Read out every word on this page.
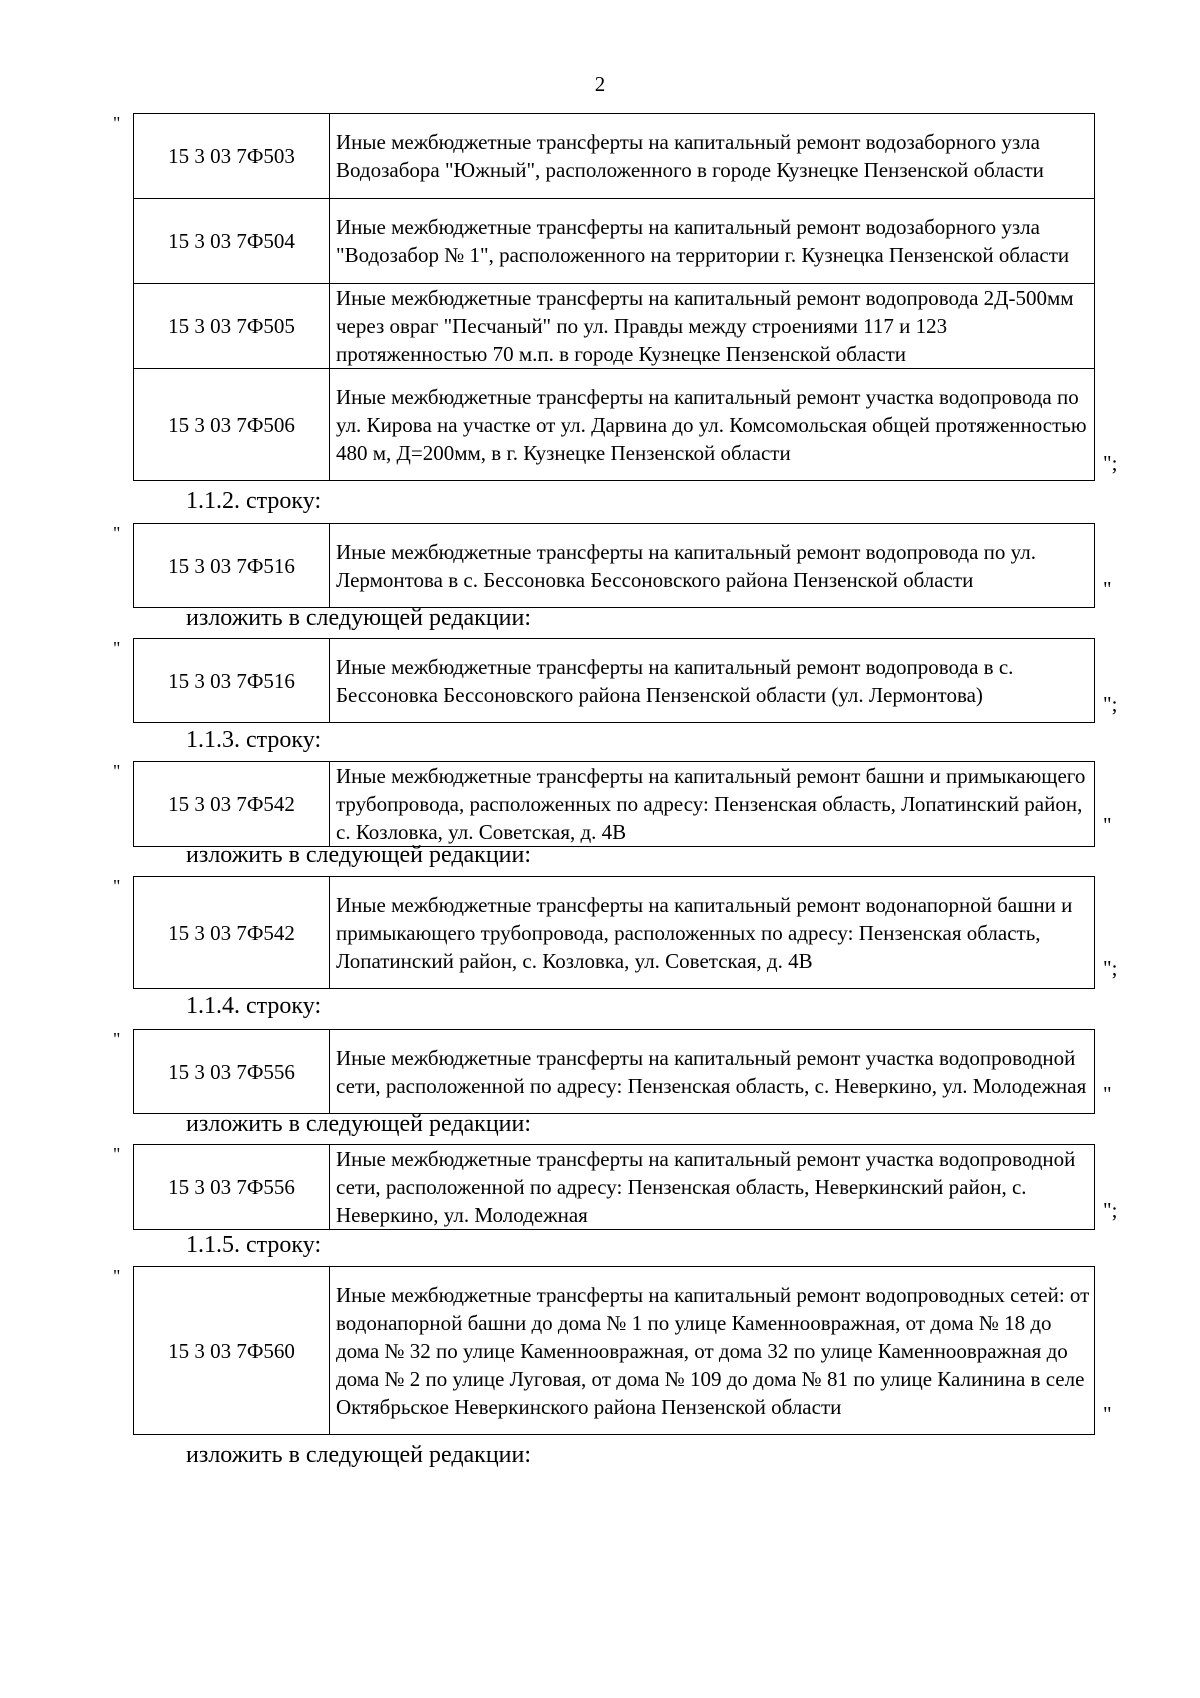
2
"
15 3 03 7Ф503	Иные межбюджетные трансферты на капитальный ремонт водозаборного узла Водозабора "Южный", расположенного в городе Кузнецке Пензенской области
15 3 03 7Ф504	Иные межбюджетные трансферты на капитальный ремонт водозаборного узла "Водозабор № 1", расположенного на территории г. Кузнецка Пензенской области
15 3 03 7Ф505	Иные межбюджетные трансферты на капитальный ремонт водопровода 2Д-500мм через овраг "Песчаный" по ул. Правды между строениями 117 и 123 протяженностью 70 м.п. в городе Кузнецке Пензенской области
15 3 03 7Ф506	Иные межбюджетные трансферты на капитальный ремонт участка водопровода по ул. Кирова на участке от ул. Дарвина до ул. Комсомольская общей протяженностью 480 м, Д=200мм, в г. Кузнецке Пензенской области	";
1.1.2. строку:
"
15 3 03 7Ф516	Иные межбюджетные трансферты на капитальный ремонт водопровода по ул. Лермонтова в с. Бессоновка Бессоновского района Пензенской области	"
изложить в следующей редакции:
"
15 3 03 7Ф516	Иные межбюджетные трансферты на капитальный ремонт водопровода в с. Бессоновка Бессоновского района Пензенской области (ул. Лермонтова)	";
1.1.3. строку:
"
15 3 03 7Ф542	Иные межбюджетные трансферты на капитальный ремонт башни и примыкающего трубопровода, расположенных по адресу: Пензенская область, Лопатинский район, с. Козловка, ул. Советская, д. 4В	"
изложить в следующей редакции:
"
15 3 03 7Ф542	Иные межбюджетные трансферты на капитальный ремонт водонапорной башни и примыкающего трубопровода, расположенных по адресу: Пензенская область, Лопатинский район, с. Козловка, ул. Советская, д. 4В	";
1.1.4. строку:
"
15 3 03 7Ф556	Иные межбюджетные трансферты на капитальный ремонт участка водопроводной сети, расположенной по адресу: Пензенская область, с. Неверкино, ул. Молодежная "
изложить в следующей редакции:
"
15 3 03 7Ф556	Иные межбюджетные трансферты на капитальный ремонт участка водопроводной сети, расположенной по адресу: Пензенская область, Неверкинский район, с. Неверкино, ул. Молодежная	";
1.1.5. строку:
"
15 3 03 7Ф560	Иные межбюджетные трансферты на капитальный ремонт водопроводных сетей: от водонапорной башни до дома № 1 по улице Каменноовражная, от дома № 18 до дома № 32 по улице Каменноовражная, от дома 32 по улице Каменноовражная до дома № 2 по улице Луговая, от дома № 109 до дома № 81 по улице Калинина в селе Октябрьское Неверкинского района Пензенской области	"
изложить в следующей редакции:
